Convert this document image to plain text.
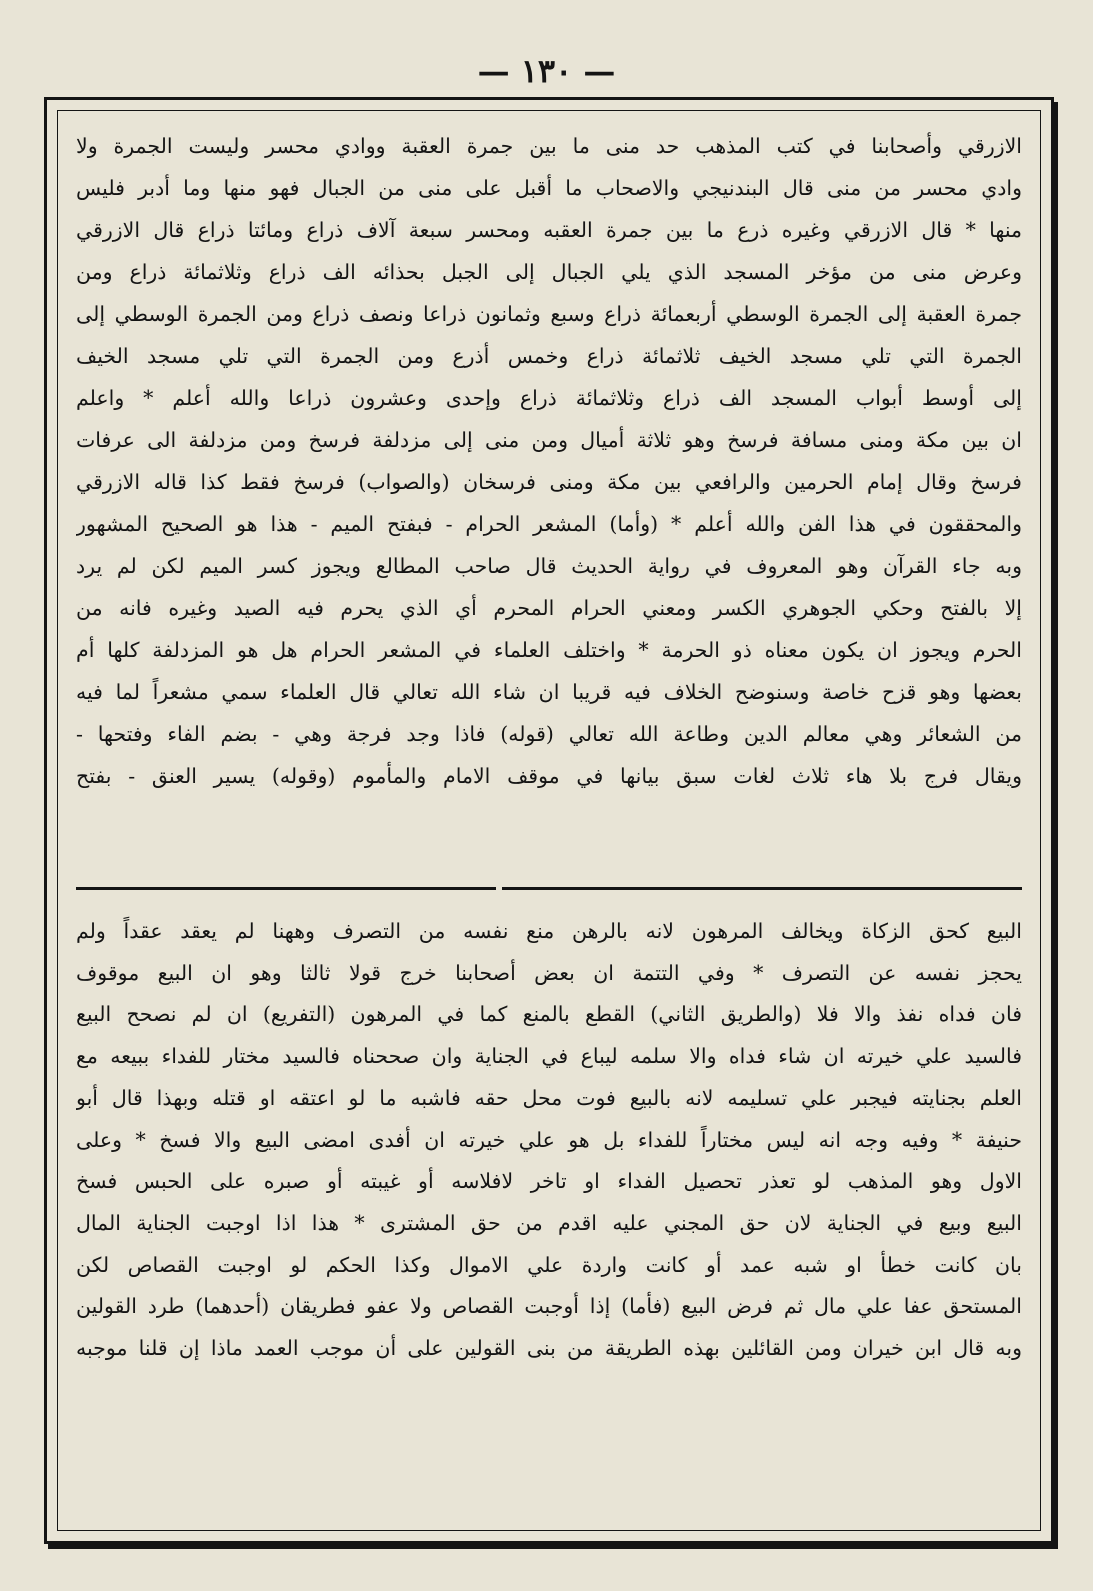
— ١٣٠ —

الازرقي وأصحابنا في كتب المذهب حد منى ما بين جمرة العقبة ووادي محسر وليست الجمرة ولا

وادي محسر من منى قال البندنيجي والاصحاب ما أقبل على منى من الجبال فهو منها وما أدبر فليس

منها * قال الازرقي وغيره ذرع ما بين جمرة العقبه ومحسر سبعة آلاف ذراع ومائتا ذراع قال الازرقي

وعرض منى من مؤخر المسجد الذي يلي الجبال إلى الجبل بحذائه الف ذراع وثلاثمائة ذراع ومن

جمرة العقبة إلى الجمرة الوسطي أربعمائة ذراع وسبع وثمانون ذراعا ونصف ذراع ومن الجمرة الوسطي إلى

الجمرة التي تلي مسجد الخيف ثلاثمائة ذراع وخمس أذرع ومن الجمرة التي تلي مسجد الخيف

إلى أوسط أبواب المسجد الف ذراع وثلاثمائة ذراع وإحدى وعشرون ذراعا والله أعلم * واعلم

ان بين مكة ومنى مسافة فرسخ وهو ثلاثة أميال ومن منى إلى مزدلفة فرسخ ومن مزدلفة الى عرفات

فرسخ وقال إمام الحرمين والرافعي بين مكة ومنى فرسخان (والصواب) فرسخ فقط كذا قاله الازرقي

والمحققون في هذا الفن والله أعلم * (وأما) المشعر الحرام - فبفتح الميم - هذا هو الصحيح المشهور

وبه جاء القرآن وهو المعروف في رواية الحديث قال صاحب المطالع ويجوز كسر الميم لكن لم يرد

إلا بالفتح وحكي الجوهري الكسر ومعني الحرام المحرم أي الذي يحرم فيه الصيد وغيره فانه من

الحرم ويجوز ان يكون معناه ذو الحرمة * واختلف العلماء في المشعر الحرام هل هو المزدلفة كلها أم

بعضها وهو قزح خاصة وسنوضح الخلاف فيه قريبا ان شاء الله تعالي قال العلماء سمي مشعراً لما فيه

من الشعائر وهي معالم الدين وطاعة الله تعالي (قوله) فاذا وجد فرجة وهي - بضم الفاء وفتحها -

ويقال فرج بلا هاء ثلاث لغات سبق بيانها في موقف الامام والمأموم (وقوله) يسير العنق - بفتح

البيع كحق الزكاة ويخالف المرهون لانه بالرهن منع نفسه من التصرف وههنا لم يعقد عقداً ولم

يحجز نفسه عن التصرف * وفي التتمة ان بعض أصحابنا خرج قولا ثالثا وهو ان البيع موقوف

فان فداه نفذ والا فلا (والطريق الثاني) القطع بالمنع كما في المرهون (التفريع) ان لم نصحح البيع

فالسيد علي خيرته ان شاء فداه والا سلمه ليباع في الجناية وان صححناه فالسيد مختار للفداء ببيعه مع

العلم بجنايته فيجبر علي تسليمه لانه بالبيع فوت محل حقه فاشبه ما لو اعتقه او قتله وبهذا قال أبو

حنيفة * وفيه وجه انه ليس مختاراً للفداء بل هو علي خيرته ان أفدى امضى البيع والا فسخ * وعلى

الاول وهو المذهب لو تعذر تحصيل الفداء او تاخر لافلاسه أو غيبته أو صبره على الحبس فسخ

البيع وبيع في الجناية لان حق المجني عليه اقدم من حق المشترى * هذا اذا اوجبت الجناية المال

بان كانت خطأ او شبه عمد أو كانت واردة علي الاموال وكذا الحكم لو اوجبت القصاص لكن

المستحق عفا علي مال ثم فرض البيع (فأما) إذا أوجبت القصاص ولا عفو فطريقان (أحدهما) طرد القولين

وبه قال ابن خيران ومن القائلين بهذه الطريقة من بنى القولين على أن موجب العمد ماذا إن قلنا موجبه
